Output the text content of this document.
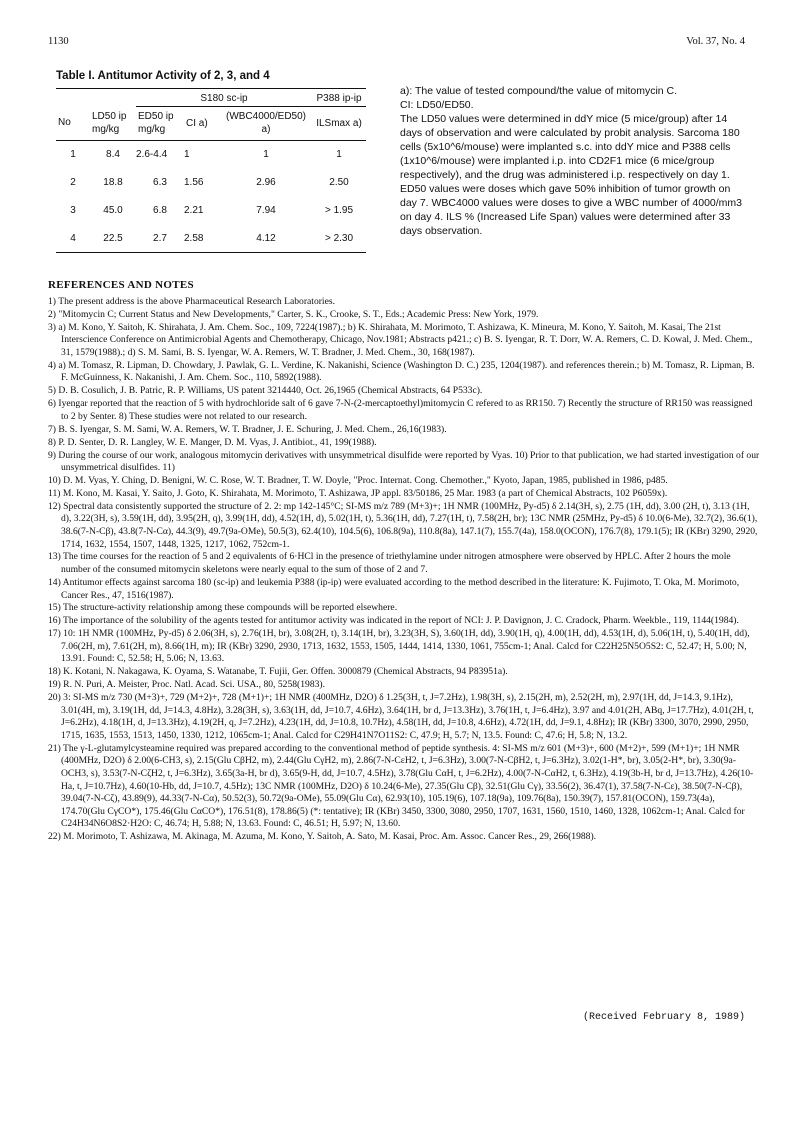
1130	Vol. 37, No. 4
Table I. Antitumor Activity of 2, 3, and 4
		S180 sc-ip			P388 ip-ip
No	LD50 ip mg/kg	ED50 ip mg/kg	CI a)	(WBC4000/ED50) a)	ILSmax a)
1	8.4	2.6-4.4	1	1	1
2	18.8	6.3	1.56	2.96	2.50
3	45.0	6.8	2.21	7.94	> 1.95
4	22.5	2.7	2.58	4.12	> 2.30

a): The value of tested compound/the value of mitomycin C.

CI: LD50/ED50.

The LD50 values were determined in ddY mice (5 mice/group) after 14 days of observation and were calculated by probit analysis. Sarcoma 180 cells (5x10^6/mouse) were implanted s.c. into ddY mice and P388 cells (1x10^6/mouse) were implanted i.p. into CD2F1 mice (6 mice/group respectively), and the drug was administered i.p. respectively on day 1. ED50 values were doses which gave 50% inhibition of tumor growth on day 7. WBC4000 values were doses to give a WBC number of 4000/mm3 on day 4. ILS % (Increased Life Span) values were determined after 33 days observation.

REFERENCES AND NOTES
1) The present address is the above Pharmaceutical Research Laboratories.
2) "Mitomycin C; Current Status and New Developments," Carter, S. K., Crooke, S. T., Eds.; Academic Press: New York, 1979.
3) a) M. Kono, Y. Saitoh, K. Shirahata, J. Am. Chem. Soc., 109, 7224(1987).; b) K. Shirahata, M. Morimoto, T. Ashizawa, K. Mineura, M. Kono, Y. Saitoh, M. Kasai, The 21st Interscience Conference on Antimicrobial Agents and Chemotherapy, Chicago, Nov.1981; Abstracts p421.; c) B. S. Iyengar, R. T. Dorr, W. A. Remers, C. D. Kowal, J. Med. Chem., 31, 1579(1988).; d) S. M. Sami, B. S. Iyengar, W. A. Remers, W. T. Bradner, J. Med. Chem., 30, 168(1987).
4) a) M. Tomasz, R. Lipman, D. Chowdary, J. Pawlak, G. L. Verdine, K. Nakanishi, Science (Washington D. C.) 235, 1204(1987). and references therein.; b) M. Tomasz, R. Lipman, B. F. McGuinness, K. Nakanishi, J. Am. Chem. Soc., 110, 5892(1988).
5) D. B. Cosulich, J. B. Patric, R. P. Williams, US patent 3214440, Oct. 26,1965 (Chemical Abstracts, 64 P533c).
6) Iyengar reported that the reaction of 5 with hydrochloride salt of 6 gave 7-N-(2-mercaptoethyl)mitomycin C refered to as RR150. 7) Recently the structure of RR150 was reassigned to 2 by Senter. 8) These studies were not related to our research.
7) B. S. Iyengar, S. M. Sami, W. A. Remers, W. T. Bradner, J. E. Schuring, J. Med. Chem., 26,16(1983).
8) P. D. Senter, D. R. Langley, W. E. Manger, D. M. Vyas, J. Antibiot., 41, 199(1988).
9) During the course of our work, analogous mitomycin derivatives with unsymmetrical disulfide were reported by Vyas. 10) Prior to that publication, we had started investigation of our unsymmetrical disulfides. 11)
10) D. M. Vyas, Y. Ching, D. Benigni, W. C. Rose, W. T. Bradner, T. W. Doyle, "Proc. Internat. Cong. Chemother.," Kyoto, Japan, 1985, published in 1986, p485.
11) M. Kono, M. Kasai, Y. Saito, J. Goto, K. Shirahata, M. Morimoto, T. Ashizawa, JP appl. 83/50186, 25 Mar. 1983 (a part of Chemical Abstracts, 102 P6059x).
12) Spectral data consistently supported the structure of 2. 2: mp 142-145°C; SI-MS m/z 789 (M+3)+; 1H NMR (100MHz, Py-d5) δ 2.14(3H, s), 2.75 (1H, dd), 3.00 (2H, t), 3.13 (1H, d), 3.22(3H, s), 3.59(1H, dd), 3.95(2H, q), 3.99(1H, dd), 4.52(1H, d), 5.02(1H, t), 5.36(1H, dd), 7.27(1H, t), 7.58(2H, br); 13C NMR (25MHz, Py-d5) δ 10.0(6-Me), 32.7(2), 36.6(1), 38.6(7-N-Cβ), 43.8(7-N-Cα), 44.3(9), 49.7(9a-OMe), 50.5(3), 62.4(10), 104.5(6), 106.8(9a), 110.8(8a), 147.1(7), 155.7(4a), 158.0(OCON), 176.7(8), 179.1(5); IR (KBr) 3290, 2920, 1714, 1632, 1554, 1507, 1448, 1325, 1217, 1062, 752cm-1.
13) The time courses for the reaction of 5 and 2 equivalents of 6·HCl in the presence of triethylamine under nitrogen atmosphere were observed by HPLC. After 2 hours the mole number of the consumed mitomycin skeletons were nearly equal to the sum of those of 2 and 7.
14) Antitumor effects against sarcoma 180 (sc-ip) and leukemia P388 (ip-ip) were evaluated according to the method described in the literature: K. Fujimoto, T. Oka, M. Morimoto, Cancer Res., 47, 1516(1987).
15) The structure-activity relationship among these compounds will be reported elsewhere.
16) The importance of the solubility of the agents tested for antitumor activity was indicated in the report of NCI: J. P. Davignon, J. C. Cradock, Pharm. Weekble., 119, 1144(1984).
17) 10: 1H NMR (100MHz, Py-d5) δ 2.06(3H, s), 2.76(1H, br), 3.08(2H, t), 3.14(1H, br), 3.23(3H, S), 3.60(1H, dd), 3.90(1H, q), 4.00(1H, dd), 4.53(1H, d), 5.06(1H, t), 5.40(1H, dd), 7.06(2H, m), 7.61(2H, m), 8.66(1H, m); IR (KBr) 3290, 2930, 1713, 1632, 1553, 1505, 1444, 1414, 1330, 1061, 755cm-1; Anal. Calcd for C22H25N5O5S2: C, 52.47; H, 5.00; N, 13.91. Found: C, 52.58; H, 5.06; N, 13.63.
18) K. Kotani, N. Nakagawa, K. Oyama, S. Watanabe, T. Fujii, Ger. Offen. 3000879 (Chemical Abstracts, 94 P83951a).
19) R. N. Puri, A. Meister, Proc. Natl. Acad. Sci. USA., 80, 5258(1983).
20) 3: SI-MS m/z 730 (M+3)+, 729 (M+2)+, 728 (M+1)+; 1H NMR (400MHz, D2O) δ 1.25(3H, t, J=7.2Hz), 1.98(3H, s), 2.15(2H, m), 2.52(2H, m), 2.97(1H, dd, J=14.3, 9.1Hz), 3.01(4H, m), 3.19(1H, dd, J=14.3, 4.8Hz), 3.28(3H, s), 3.63(1H, dd, J=10.7, 4.6Hz), 3.64(1H, br d, J=13.3Hz), 3.76(1H, t, J=6.4Hz), 3.97 and 4.01(2H, ABq, J=17.7Hz), 4.01(2H, t, J=6.2Hz), 4.18(1H, d, J=13.3Hz), 4.19(2H, q, J=7.2Hz), 4.23(1H, dd, J=10.8, 10.7Hz), 4.58(1H, dd, J=10.8, 4.6Hz), 4.72(1H, dd, J=9.1, 4.8Hz); IR (KBr) 3300, 3070, 2990, 2950, 1715, 1635, 1553, 1513, 1450, 1330, 1212, 1065cm-1; Anal. Calcd for C29H41N7O11S2: C, 47.9; H, 5.7; N, 13.5. Found: C, 47.6; H, 5.8; N, 13.2.
21) The γ-L-glutamylcysteamine required was prepared according to the conventional method of peptide synthesis. 4: SI-MS m/z 601 (M+3)+, 600 (M+2)+, 599 (M+1)+; 1H NMR (400MHz, D2O) δ 2.00(6-CH3, s), 2.15(Glu CβH2, m), 2.44(Glu CγH2, m), 2.86(7-N-CεH2, t, J=6.3Hz), 3.00(7-N-CβH2, t, J=6.3Hz), 3.02(1-H*, br), 3.05(2-H*, br), 3.30(9a-OCH3, s), 3.53(7-N-CζH2, t, J=6.3Hz), 3.65(3a-H, br d), 3.65(9-H, dd, J=10.7, 4.5Hz), 3.78(Glu CαH, t, J=6.2Hz), 4.00(7-N-CαH2, t, 6.3Hz), 4.19(3b-H, br d, J=13.7Hz), 4.26(10-Ha, t, J=10.7Hz), 4.60(10-Hb, dd, J=10.7, 4.5Hz); 13C NMR (100MHz, D2O) δ 10.24(6-Me), 27.35(Glu Cβ), 32.51(Glu Cγ), 33.56(2), 36.47(1), 37.58(7-N-Cε), 38.50(7-N-Cβ), 39.04(7-N-Cζ), 43.89(9), 44.33(7-N-Cα), 50.52(3), 50.72(9a-OMe), 55.09(Glu Cα), 62.93(10), 105.19(6), 107.18(9a), 109.76(8a), 150.39(7), 157.81(OCON), 159.73(4a), 174.70(Glu CγCO*), 175.46(Glu CαCO*), 176.51(8), 178.86(5) (*: tentative); IR (KBr) 3450, 3300, 3080, 2950, 1707, 1631, 1560, 1510, 1460, 1328, 1062cm-1; Anal. Calcd for C24H34N6O8S2·H2O: C, 46.74; H, 5.88; N, 13.63. Found: C, 46.51; H, 5.97; N, 13.60.
22) M. Morimoto, T. Ashizawa, M. Akinaga, M. Azuma, M. Kono, Y. Saitoh, A. Sato, M. Kasai, Proc. Am. Assoc. Cancer Res., 29, 266(1988).
(Received February 8, 1989)
